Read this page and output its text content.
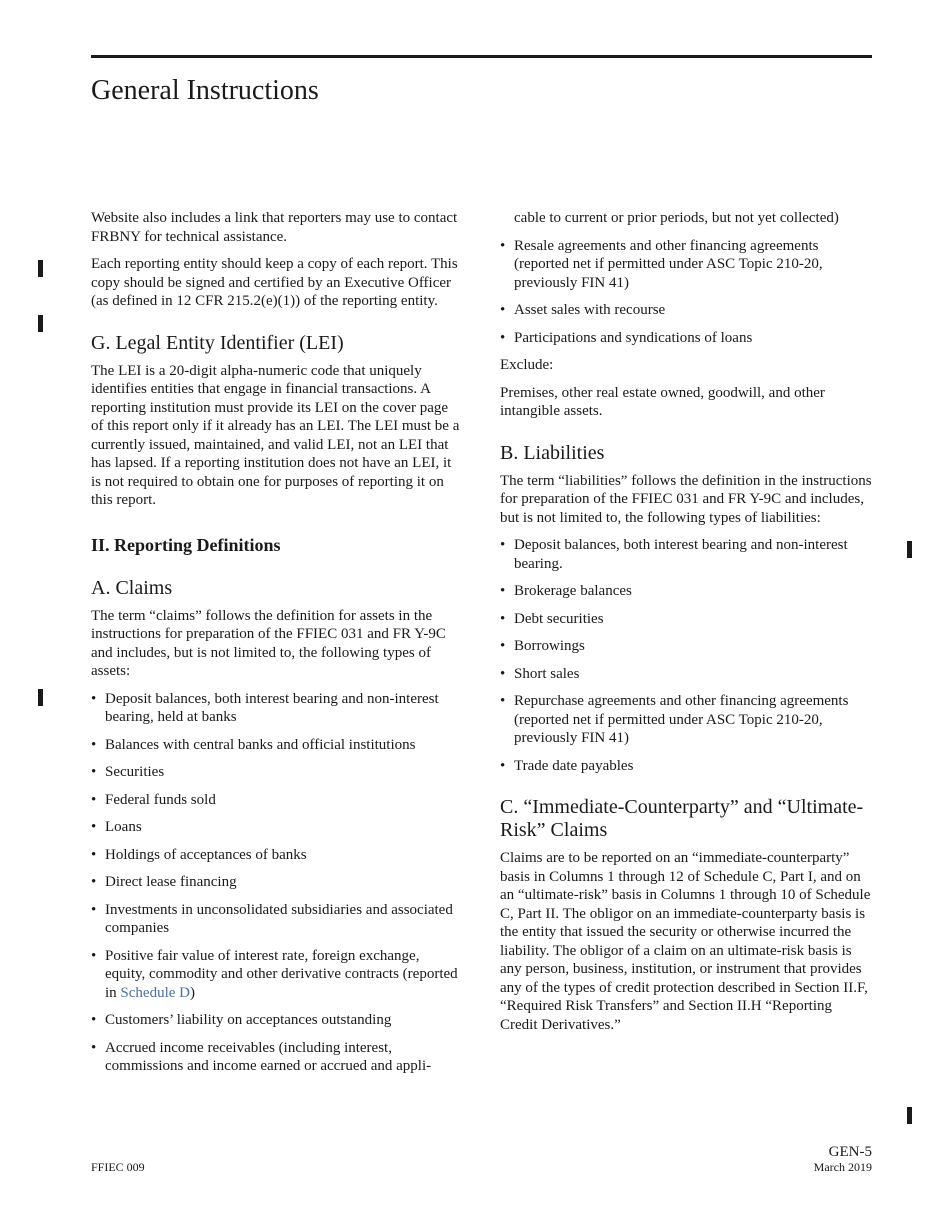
General Instructions

Website also includes a link that reporters may use to contact FRBNY for technical assistance.

Each reporting entity should keep a copy of each report. This copy should be signed and certified by an Executive Officer (as defined in 12 CFR 215.2(e)(1)) of the reporting entity.

G. Legal Entity Identifier (LEI)

The LEI is a 20-digit alpha-numeric code that uniquely identifies entities that engage in financial transactions. A reporting institution must provide its LEI on the cover page of this report only if it already has an LEI. The LEI must be a currently issued, maintained, and valid LEI, not an LEI that has lapsed. If a reporting institution does not have an LEI, it is not required to obtain one for purposes of reporting it on this report.

II. Reporting Definitions
A. Claims

The term “claims” follows the definition for assets in the instructions for preparation of the FFIEC 031 and FR Y-9C and includes, but is not limited to, the following types of assets:

• Deposit balances, both interest bearing and non-interest bearing, held at banks
• Balances with central banks and official institutions
• Securities
• Federal funds sold
• Loans
• Holdings of acceptances of banks
• Direct lease financing
• Investments in unconsolidated subsidiaries and associated companies
• Positive fair value of interest rate, foreign exchange, equity, commodity and other derivative contracts (reported in Schedule D)
• Customers’ liability on acceptances outstanding
• Accrued income receivables (including interest, commissions and income earned or accrued and appli-

cable to current or prior periods, but not yet collected)

• Resale agreements and other financing agreements (reported net if permitted under ASC Topic 210-20, previously FIN 41)
• Asset sales with recourse
• Participations and syndications of loans

Exclude:

Premises, other real estate owned, goodwill, and other intangible assets.

B. Liabilities

The term “liabilities” follows the definition in the instructions for preparation of the FFIEC 031 and FR Y-9C and includes, but is not limited to, the following types of liabilities:

• Deposit balances, both interest bearing and non-interest bearing.
• Brokerage balances
• Debt securities
• Borrowings
• Short sales
• Repurchase agreements and other financing agreements (reported net if permitted under ASC Topic 210-20, previously FIN 41)
• Trade date payables
C. “Immediate-Counterparty” and “Ultimate-Risk” Claims

Claims are to be reported on an “immediate-counterparty” basis in Columns 1 through 12 of Schedule C, Part I, and on an “ultimate-risk” basis in Columns 1 through 10 of Schedule C, Part II. The obligor on an immediate-counterparty basis is the entity that issued the security or otherwise incurred the liability. The obligor of a claim on an ultimate-risk basis is any person, business, institution, or instrument that provides any of the types of credit protection described in Section II.F, “Required Risk Transfers” and Section II.H “Reporting Credit Derivatives.”

FFIEC 009
GEN-5
March 2019
